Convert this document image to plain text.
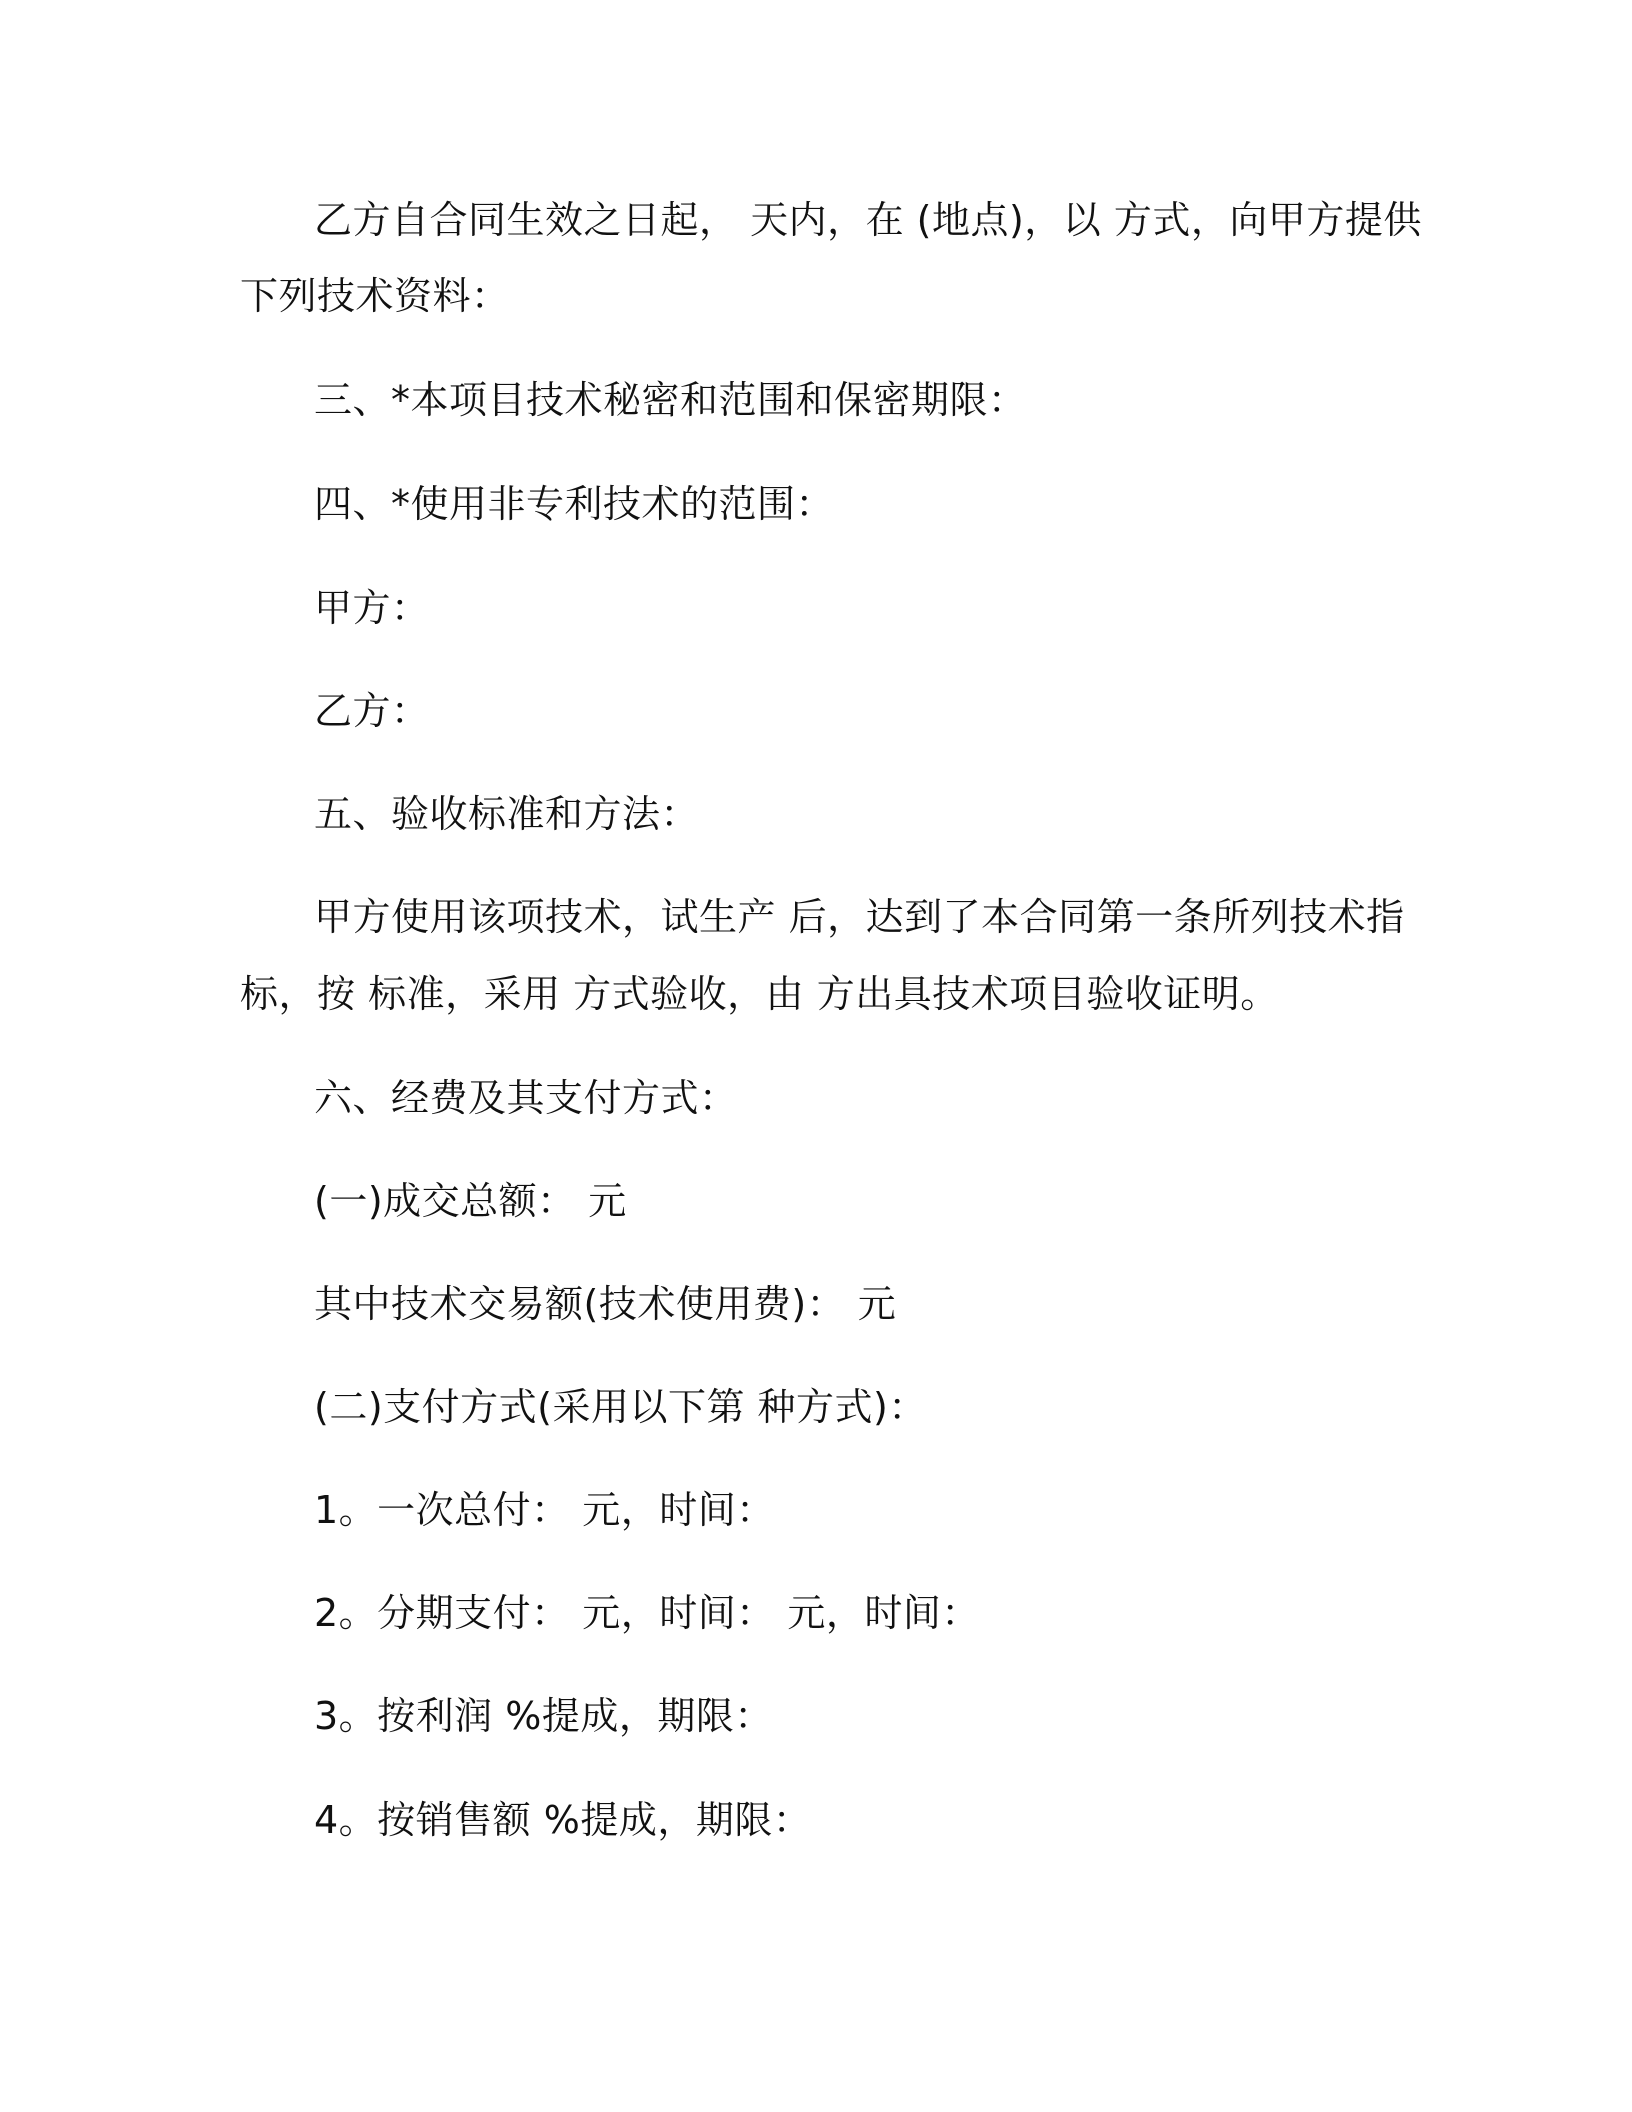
乙方自合同生效之日起， 天内，在 (地点)，以 方式，向甲方提供
下列技术资料：
三、*本项目技术秘密和范围和保密期限：
四、*使用非专利技术的范围：
甲方：
乙方：
五、验收标准和方法：
甲方使用该项技术，试生产 后，达到了本合同第一条所列技术指
标，按 标准，采用 方式验收，由 方出具技术项目验收证明。
六、经费及其支付方式：
(一)成交总额： 元
其中技术交易额(技术使用费)： 元
(二)支付方式(采用以下第 种方式)：
1。一次总付： 元，时间：
2。分期支付： 元，时间： 元，时间：
3。按利润 %提成，期限：
4。按销售额 %提成，期限：
